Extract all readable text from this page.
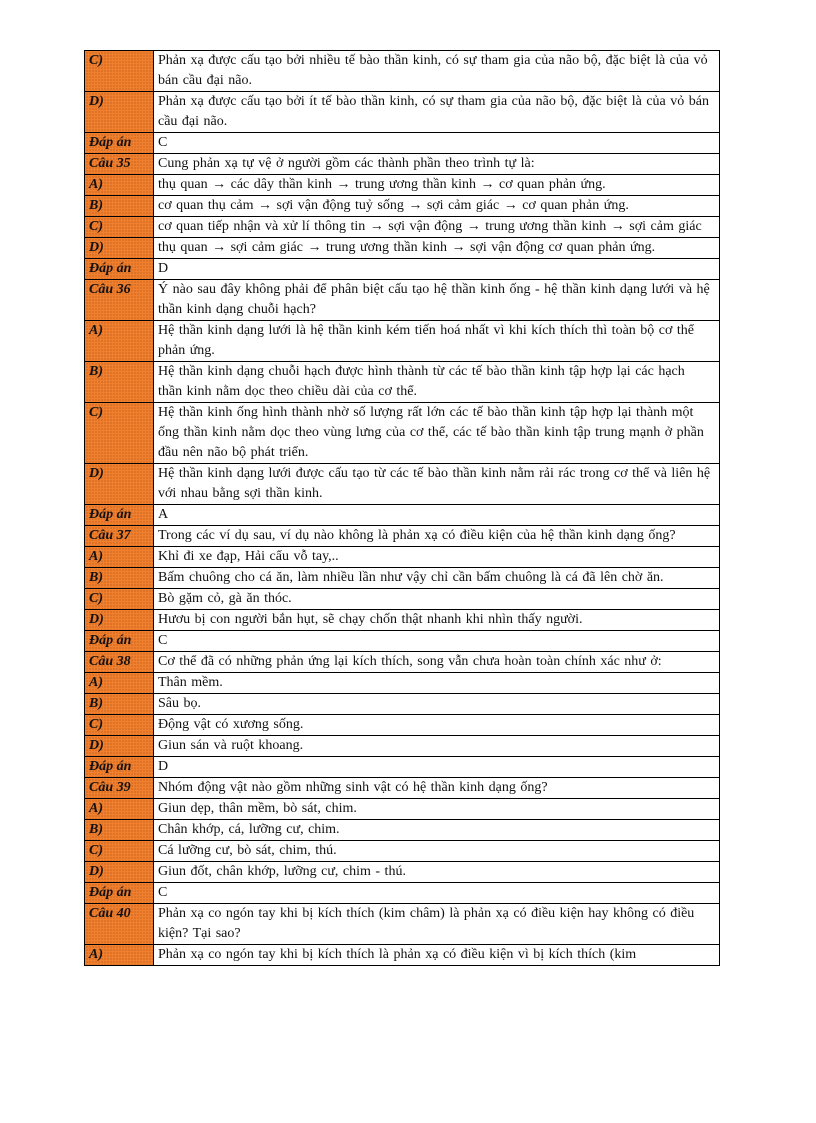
C)	Phản xạ được cấu tạo bởi nhiều tế bào thần kinh, có sự tham gia của não bộ, đặc biệt là của vỏ bán cầu đại não.
D)	Phản xạ được cấu tạo bởi ít tế bào thần kinh, có sự tham gia của não bộ, đặc biệt là của vỏ bán cầu đại não.
Đáp án	C
Câu 35	Cung phản xạ tự vệ ở người gồm các thành phần theo trình tự là:
A)	thụ quan → các dây thần kinh → trung ương thần kinh → cơ quan phản ứng.
B)	cơ quan thụ cảm → sợi vận động tuỷ sống → sợi cảm giác → cơ quan phản ứng.
C)	cơ quan tiếp nhận và xử lí thông tin → sợi vận động → trung ương thần kinh → sợi cảm giác
D)	thụ quan → sợi cảm giác → trung ương thần kinh → sợi vận động cơ quan phản ứng.
Đáp án	D
Câu 36	Ý nào sau đây không phải để phân biệt cấu tạo hệ thần kinh ống - hệ thần kinh dạng lưới và hệ thần kinh dạng chuỗi hạch?
A)	Hệ thần kinh dạng lưới là hệ thần kinh kém tiến hoá nhất vì khi kích thích thì toàn bộ cơ thể phản ứng.
B)	Hệ thần kinh dạng chuỗi hạch được hình thành từ các tế bào thần kinh tập hợp lại các hạch thần kinh nằm dọc theo chiều dài của cơ thể.
C)	Hệ thần kinh ống hình thành nhờ số lượng rất lớn các tế bào thần kinh tập hợp lại thành một ống thần kinh nằm dọc theo vùng lưng của cơ thể, các tế bào thần kinh tập trung mạnh ở phần đầu nên não bộ phát triển.
D)	Hệ thần kinh dạng lưới được cấu tạo từ các tế bào thần kinh nằm rải rác trong cơ thể và liên hệ với nhau bằng sợi thần kinh.
Đáp án	A
Câu 37	Trong các ví dụ sau, ví dụ nào không là phản xạ có điều kiện của hệ thần kinh dạng ống?
A)	Khỉ đi xe đạp, Hải cẩu vỗ tay,..
B)	Bấm chuông cho cá ăn, làm nhiều lần như vậy chỉ cần bấm chuông là cá đã lên chờ ăn.
C)	Bò gặm cỏ, gà ăn thóc.
D)	Hươu bị con người bắn hụt, sẽ chạy chốn thật nhanh khi nhìn thấy người.
Đáp án	C
Câu 38	Cơ thể đã có những phản ứng lại kích thích, song vẫn chưa hoàn toàn chính xác như ở:
A)	Thân mềm.
B)	Sâu bọ.
C)	Động vật có xương sống.
D)	Giun sán và ruột khoang.
Đáp án	D
Câu 39	Nhóm động vật nào gồm những sinh vật có hệ thần kinh dạng ống?
A)	Giun dẹp, thân mềm, bò sát, chim.
B)	Chân khớp, cá, lưỡng cư, chim.
C)	Cá lưỡng cư, bò sát, chim, thú.
D)	Giun đốt, chân khớp, lưỡng cư, chim - thú.
Đáp án	C
Câu 40	Phản xạ co ngón tay khi bị kích thích (kim châm) là phản xạ có điều kiện hay không có điều kiện? Tại sao?
A)	Phản xạ co ngón tay khi bị kích thích là phản xạ có điều kiện vì bị kích thích (kim
